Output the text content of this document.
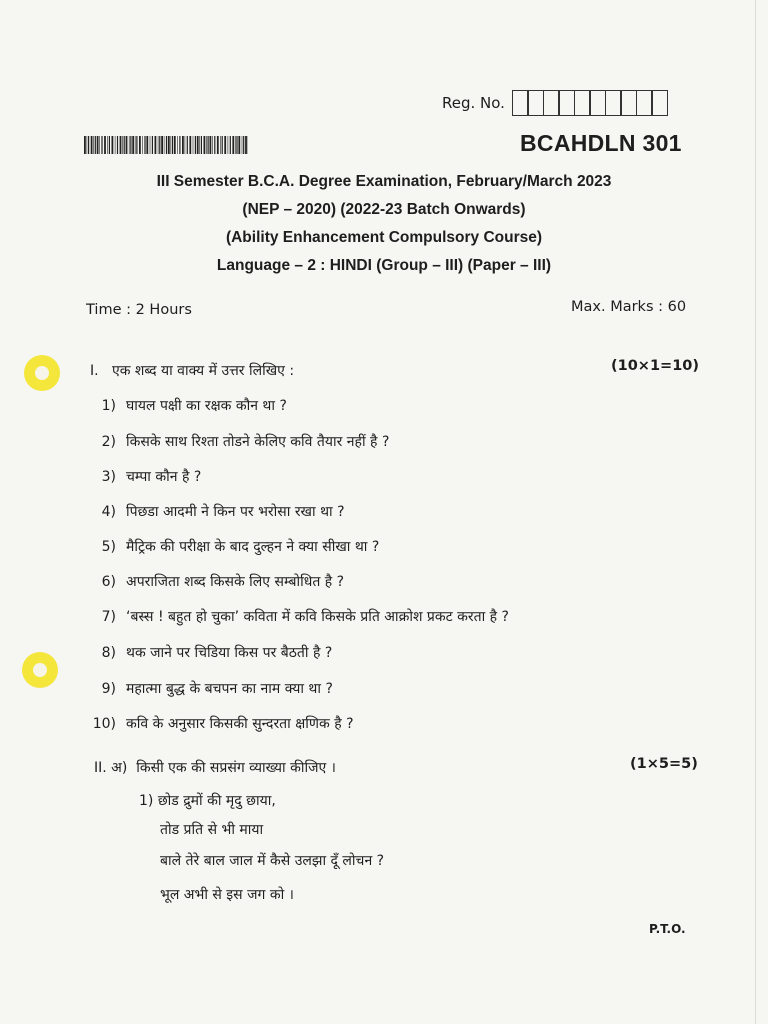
Reg. No.
BCAHDLN 301
III Semester B.C.A. Degree Examination, February/March 2023
(NEP – 2020) (2022-23 Batch Onwards)
(Ability Enhancement Compulsory Course)
Language – 2 : HINDI (Group – III) (Paper – III)
Time : 2 Hours	Max. Marks : 60
I. एक शब्द या वाक्य में उत्तर लिखिए :	(10×1=10)
1) घायल पक्षी का रक्षक कौन था ?
2) किसके साथ रिश्ता तोडने केलिए कवि तैयार नहीं है ?
3) चम्पा कौन है ?
4) पिछडा आदमी ने किन पर भरोसा रखा था ?
5) मैट्रिक की परीक्षा के बाद दुल्हन ने क्या सीखा था ?
6) अपराजिता शब्द किसके लिए सम्बोधित है ?
7) ‘बस्स ! बहुत हो चुका’ कविता में कवि किसके प्रति आक्रोश प्रकट करता है ?
8) थक जाने पर चिडिया किस पर बैठती है ?
9) महात्मा बुद्ध के बचपन का नाम क्या था ?
10) कवि के अनुसार किसकी सुन्दरता क्षणिक है ?
II. अ) किसी एक की सप्रसंग व्याख्या कीजिए ।	(1×5=5)
1) छोड द्रुमों की मृदु छाया,
तोड प्रति से भी माया
बाले तेरे बाल जाल में कैसे उलझा दूँ लोचन ?
भूल अभी से इस जग को ।
P.T.O.
